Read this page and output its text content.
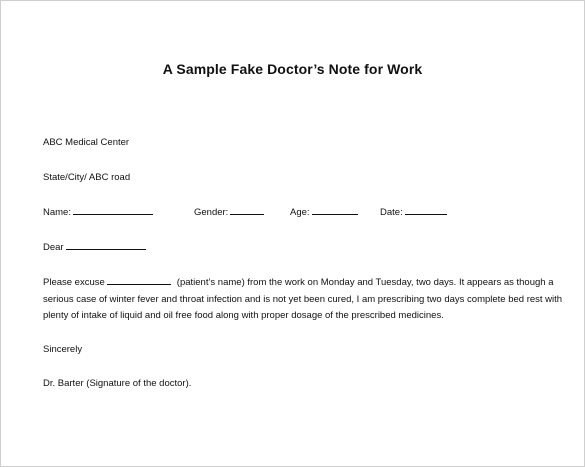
A Sample Fake Doctor’s Note for Work
ABC Medical Center
State/City/ ABC road
Name:	Gender:	Age:	Date:
Dear
Please excuse	(patient’s name) from the work on Monday and Tuesday, two days. It appears as though a
serious case of winter fever and throat infection and is not yet been cured, I am prescribing two days complete bed rest with
plenty of intake of liquid and oil free food along with proper dosage of the prescribed medicines.
Sincerely
Dr. Barter (Signature of the doctor).
